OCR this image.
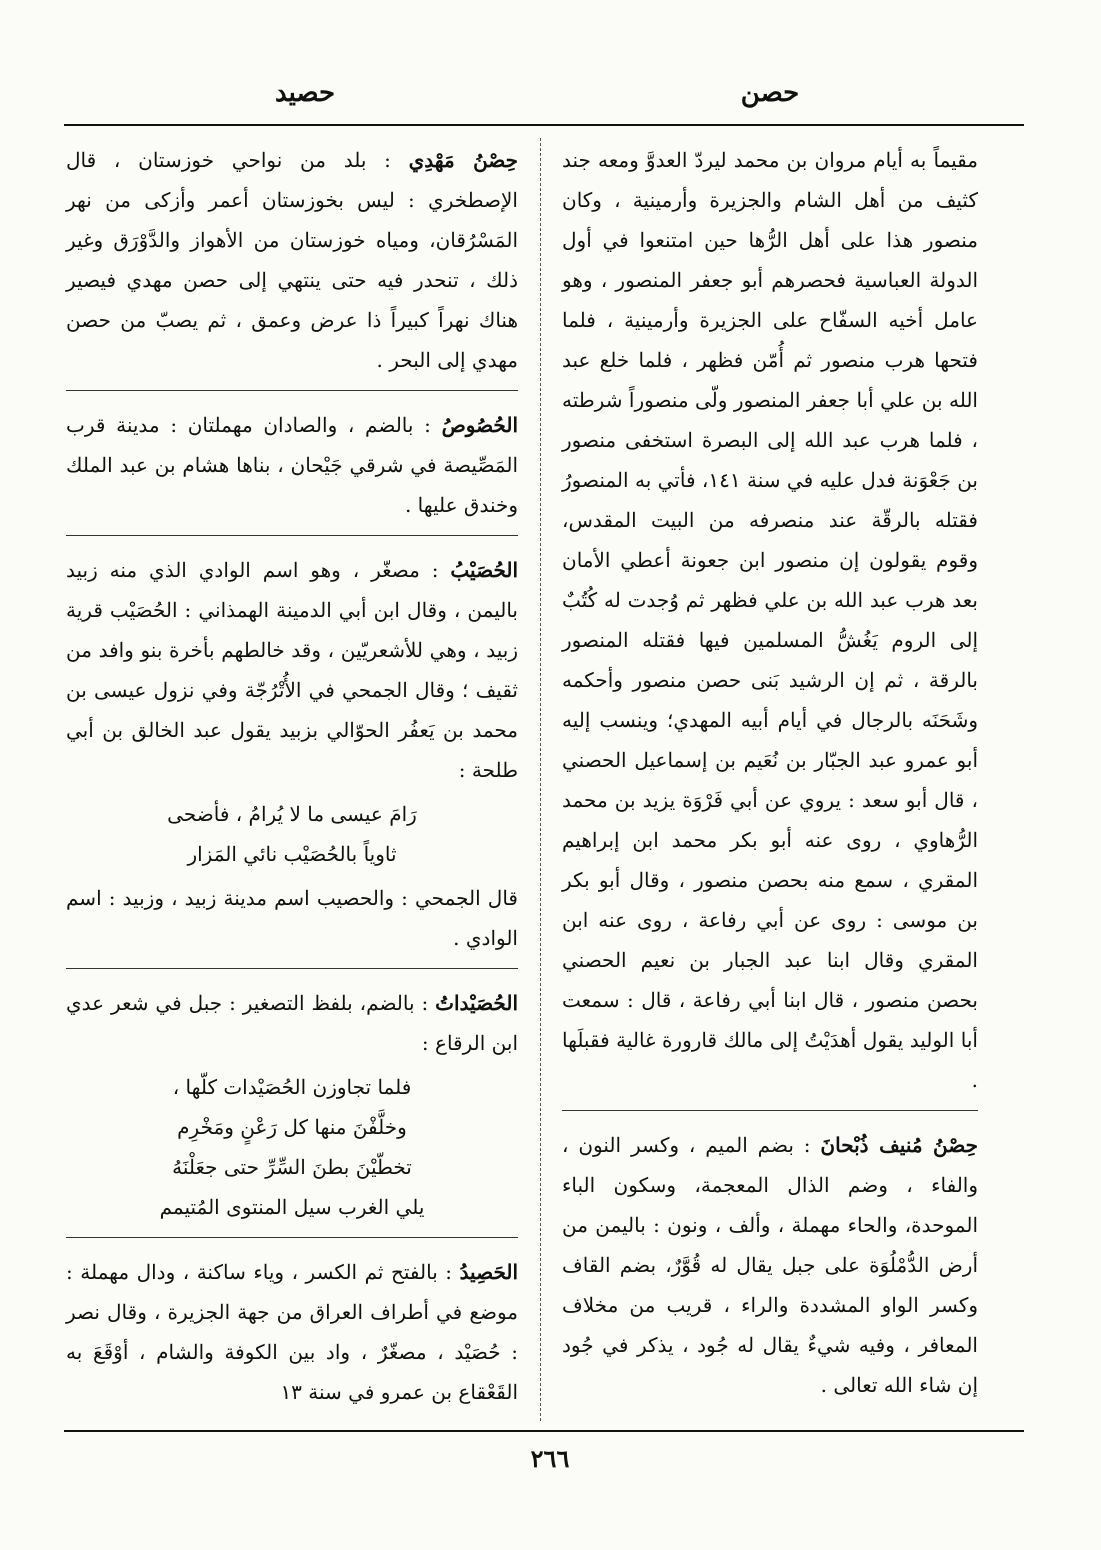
حصن
حصيد

مقيماً به أيام مروان بن محمد ليردّ العدوَّ ومعه جند كثيف من أهل الشام والجزيرة وأرمينية ، وكان منصور هذا على أهل الرُّها حين امتنعوا في أول الدولة العباسية فحصرهم أبو جعفر المنصور ، وهو عامل أخيه السفّاح على الجزيرة وأرمينية ، فلما فتحها هرب منصور ثم أُمّن فظهر ، فلما خلع عبد الله بن علي أبا جعفر المنصور ولّى منصوراً شرطته ، فلما هرب عبد الله إلى البصرة استخفى منصور بن جَعْوَنة فدل عليه في سنة ١٤١، فأتي به المنصورُ فقتله بالرقّة عند منصرفه من البيت المقدس، وقوم يقولون إن منصور ابن جعونة أعطي الأمان بعد هرب عبد الله بن علي فظهر ثم وُجدت له كُتُبٌ إلى الروم يَغُشُّ المسلمين فيها فقتله المنصور بالرقة ، ثم إن الرشيد بَنى حصن منصور وأحكمه وشَحَنَه بالرجال في أيام أبيه المهدي؛ وينسب إليه أبو عمرو عبد الجبّار بن نُعَيم بن إسماعيل الحصني ، قال أبو سعد : يروي عن أبي فَرْوَة يزيد بن محمد الرُّهاوي ، روى عنه أبو بكر محمد ابن إبراهيم المقري ، سمع منه بحصن منصور ، وقال أبو بكر بن موسى : روى عن أبي رفاعة ، روى عنه ابن المقري وقال ابنا عبد الجبار بن نعيم الحصني بحصن منصور ، قال ابنا أبي رفاعة ، قال : سمعت أبا الوليد يقول أهدَيْتُ إلى مالك قارورة غالية فقبلَها .

حِصْنُ مُنيف ذُبْحانَ : بضم الميم ، وكسر النون ، والفاء ، وضم الذال المعجمة، وسكون الباء الموحدة، والحاء مهملة ، وألف ، ونون : باليمن من أرض الدُّمْلُوَة على جبل يقال له قُوَّرٌ، بضم القاف وكسر الواو المشددة والراء ، قريب من مخلاف المعافر ، وفيه شيءٌ يقال له جُود ، يذكر في جُود إن شاء الله تعالى .

حِصْنُ مَهْدِي : بلد من نواحي خوزستان ، قال الإصطخري : ليس بخوزستان أعمر وأزكى من نهر المَسْرُقان، ومياه خوزستان من الأهواز والدَّوْرَق وغير ذلك ، تنحدر فيه حتى ينتهي إلى حصن مهدي فيصير هناك نهراً كبيراً ذا عرض وعمق ، ثم يصبّ من حصن مهدي إلى البحر .

الحُصُوصُ : بالضم ، والصادان مهملتان : مدينة قرب المَصِّيصة في شرقي جَيْحان ، بناها هشام بن عبد الملك وخندق عليها .

الحُصَيْبُ : مصغّر ، وهو اسم الوادي الذي منه زبيد باليمن ، وقال ابن أبي الدمينة الهمذاني : الحُصَيْب قرية زبيد ، وهي للأشعريّين ، وقد خالطهم بأخرة بنو وافد من ثقيف ؛ وقال الجمحي في الأُتْرُجّة وفي نزول عيسى بن محمد بن يَعفُر الحوّالي بزبيد يقول عبد الخالق بن أبي طلحة :

رَامَ عيسى ما لا يُرامُ ، فأضحى
ثاوياً بالحُصَيْب نائي المَزار

قال الجمحي : والحصيب اسم مدينة زبيد ، وزبيد : اسم الوادي .

الحُصَيْداتُ : بالضم، بلفظ التصغير : جبل في شعر عدي ابن الرقاع :

فلما تجاوزن الحُصَيْدات كلّها ،
وخلَّفْنَ منها كل رَعْنٍ ومَخْرِم
تخطّيْنَ بطنَ السِّرِّ حتى جعَلْنَهُ
يلي الغرب سيل المنتوى المُتيمم

الحَصِيدُ : بالفتح ثم الكسر ، وياء ساكنة ، ودال مهملة : موضع في أطراف العراق من جهة الجزيرة ، وقال نصر : حُصَيْد ، مصغّرٌ ، واد بين الكوفة والشام ، أوْقَعَ به القَعْقاع بن عمرو في سنة ١٣

٢٦٦
